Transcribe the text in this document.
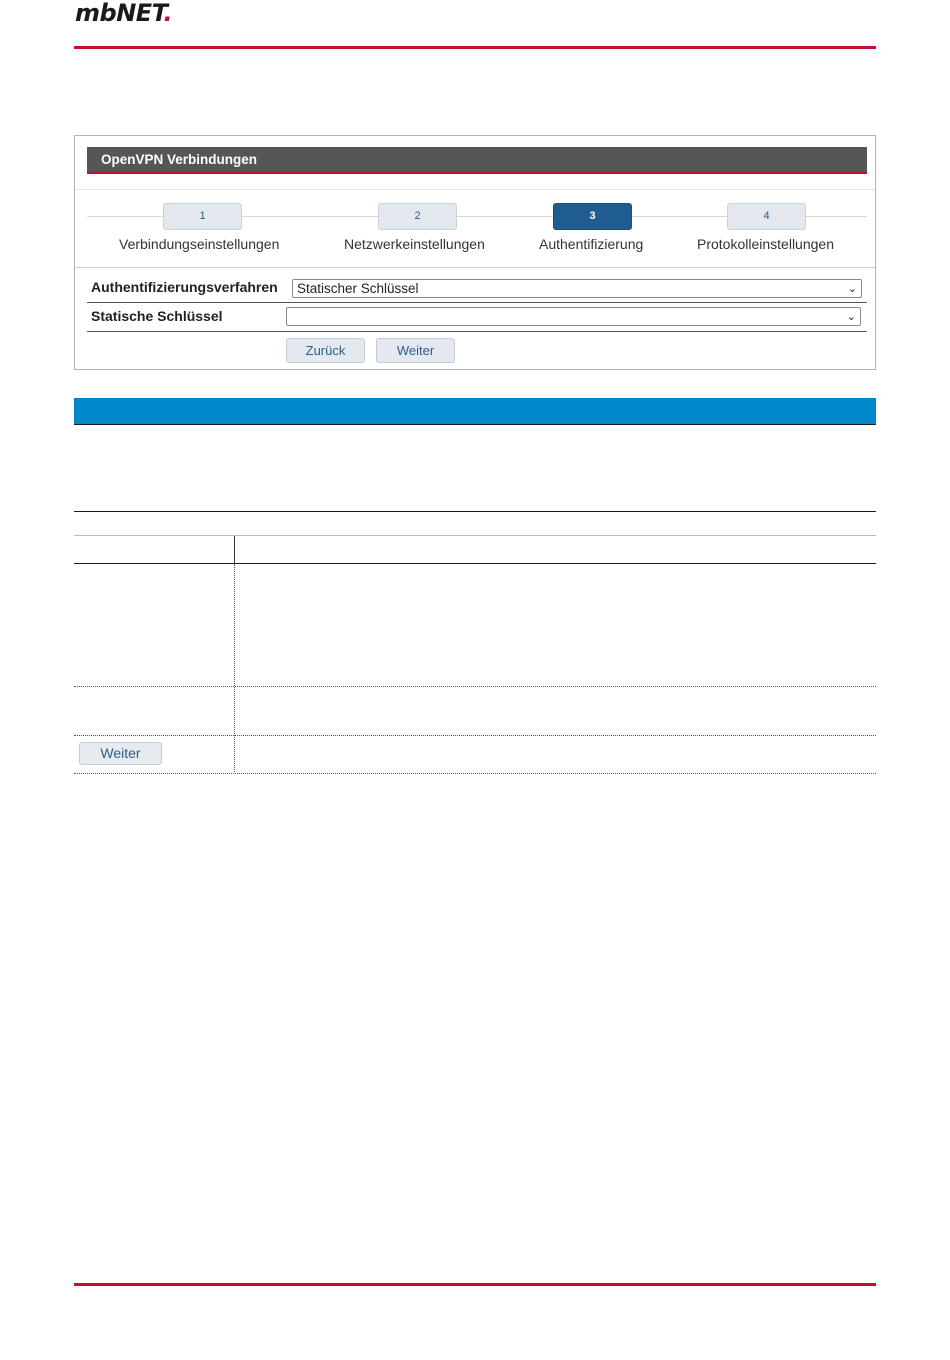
mbNET.
OpenVPN Verbindungen
1	2	3	4
Verbindungseinstellungen	Netzwerkeinstellungen	Authentifizierung	Protokolleinstellungen
Authentifizierungsverfahren	Statischer Schlüssel	⌄
Statische Schlüssel	⌄
Zurück	Weiter
Weiter
